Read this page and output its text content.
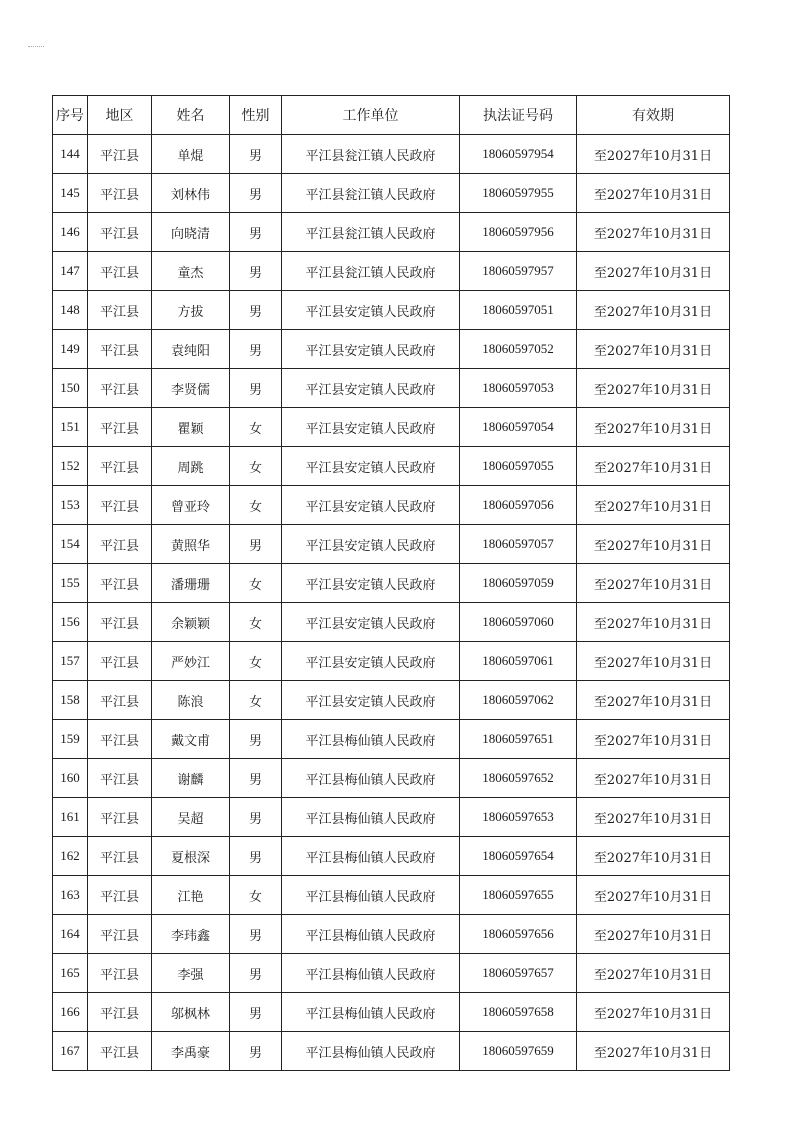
序号	地区	姓名	性别	工作单位	执法证号码	有效期
144	平江县	单焜	男	平江县瓮江镇人民政府	18060597954	至2027年10月31日
145	平江县	刘林伟	男	平江县瓮江镇人民政府	18060597955	至2027年10月31日
146	平江县	向晓清	男	平江县瓮江镇人民政府	18060597956	至2027年10月31日
147	平江县	童杰	男	平江县瓮江镇人民政府	18060597957	至2027年10月31日
148	平江县	方拔	男	平江县安定镇人民政府	18060597051	至2027年10月31日
149	平江县	袁纯阳	男	平江县安定镇人民政府	18060597052	至2027年10月31日
150	平江县	李贤儒	男	平江县安定镇人民政府	18060597053	至2027年10月31日
151	平江县	瞿颖	女	平江县安定镇人民政府	18060597054	至2027年10月31日
152	平江县	周跳	女	平江县安定镇人民政府	18060597055	至2027年10月31日
153	平江县	曾亚玲	女	平江县安定镇人民政府	18060597056	至2027年10月31日
154	平江县	黄照华	男	平江县安定镇人民政府	18060597057	至2027年10月31日
155	平江县	潘珊珊	女	平江县安定镇人民政府	18060597059	至2027年10月31日
156	平江县	余颖颖	女	平江县安定镇人民政府	18060597060	至2027年10月31日
157	平江县	严妙江	女	平江县安定镇人民政府	18060597061	至2027年10月31日
158	平江县	陈浪	女	平江县安定镇人民政府	18060597062	至2027年10月31日
159	平江县	戴文甫	男	平江县梅仙镇人民政府	18060597651	至2027年10月31日
160	平江县	谢麟	男	平江县梅仙镇人民政府	18060597652	至2027年10月31日
161	平江县	吴超	男	平江县梅仙镇人民政府	18060597653	至2027年10月31日
162	平江县	夏根深	男	平江县梅仙镇人民政府	18060597654	至2027年10月31日
163	平江县	江艳	女	平江县梅仙镇人民政府	18060597655	至2027年10月31日
164	平江县	李玮鑫	男	平江县梅仙镇人民政府	18060597656	至2027年10月31日
165	平江县	李强	男	平江县梅仙镇人民政府	18060597657	至2027年10月31日
166	平江县	邬枫林	男	平江县梅仙镇人民政府	18060597658	至2027年10月31日
167	平江县	李禹豪	男	平江县梅仙镇人民政府	18060597659	至2027年10月31日
